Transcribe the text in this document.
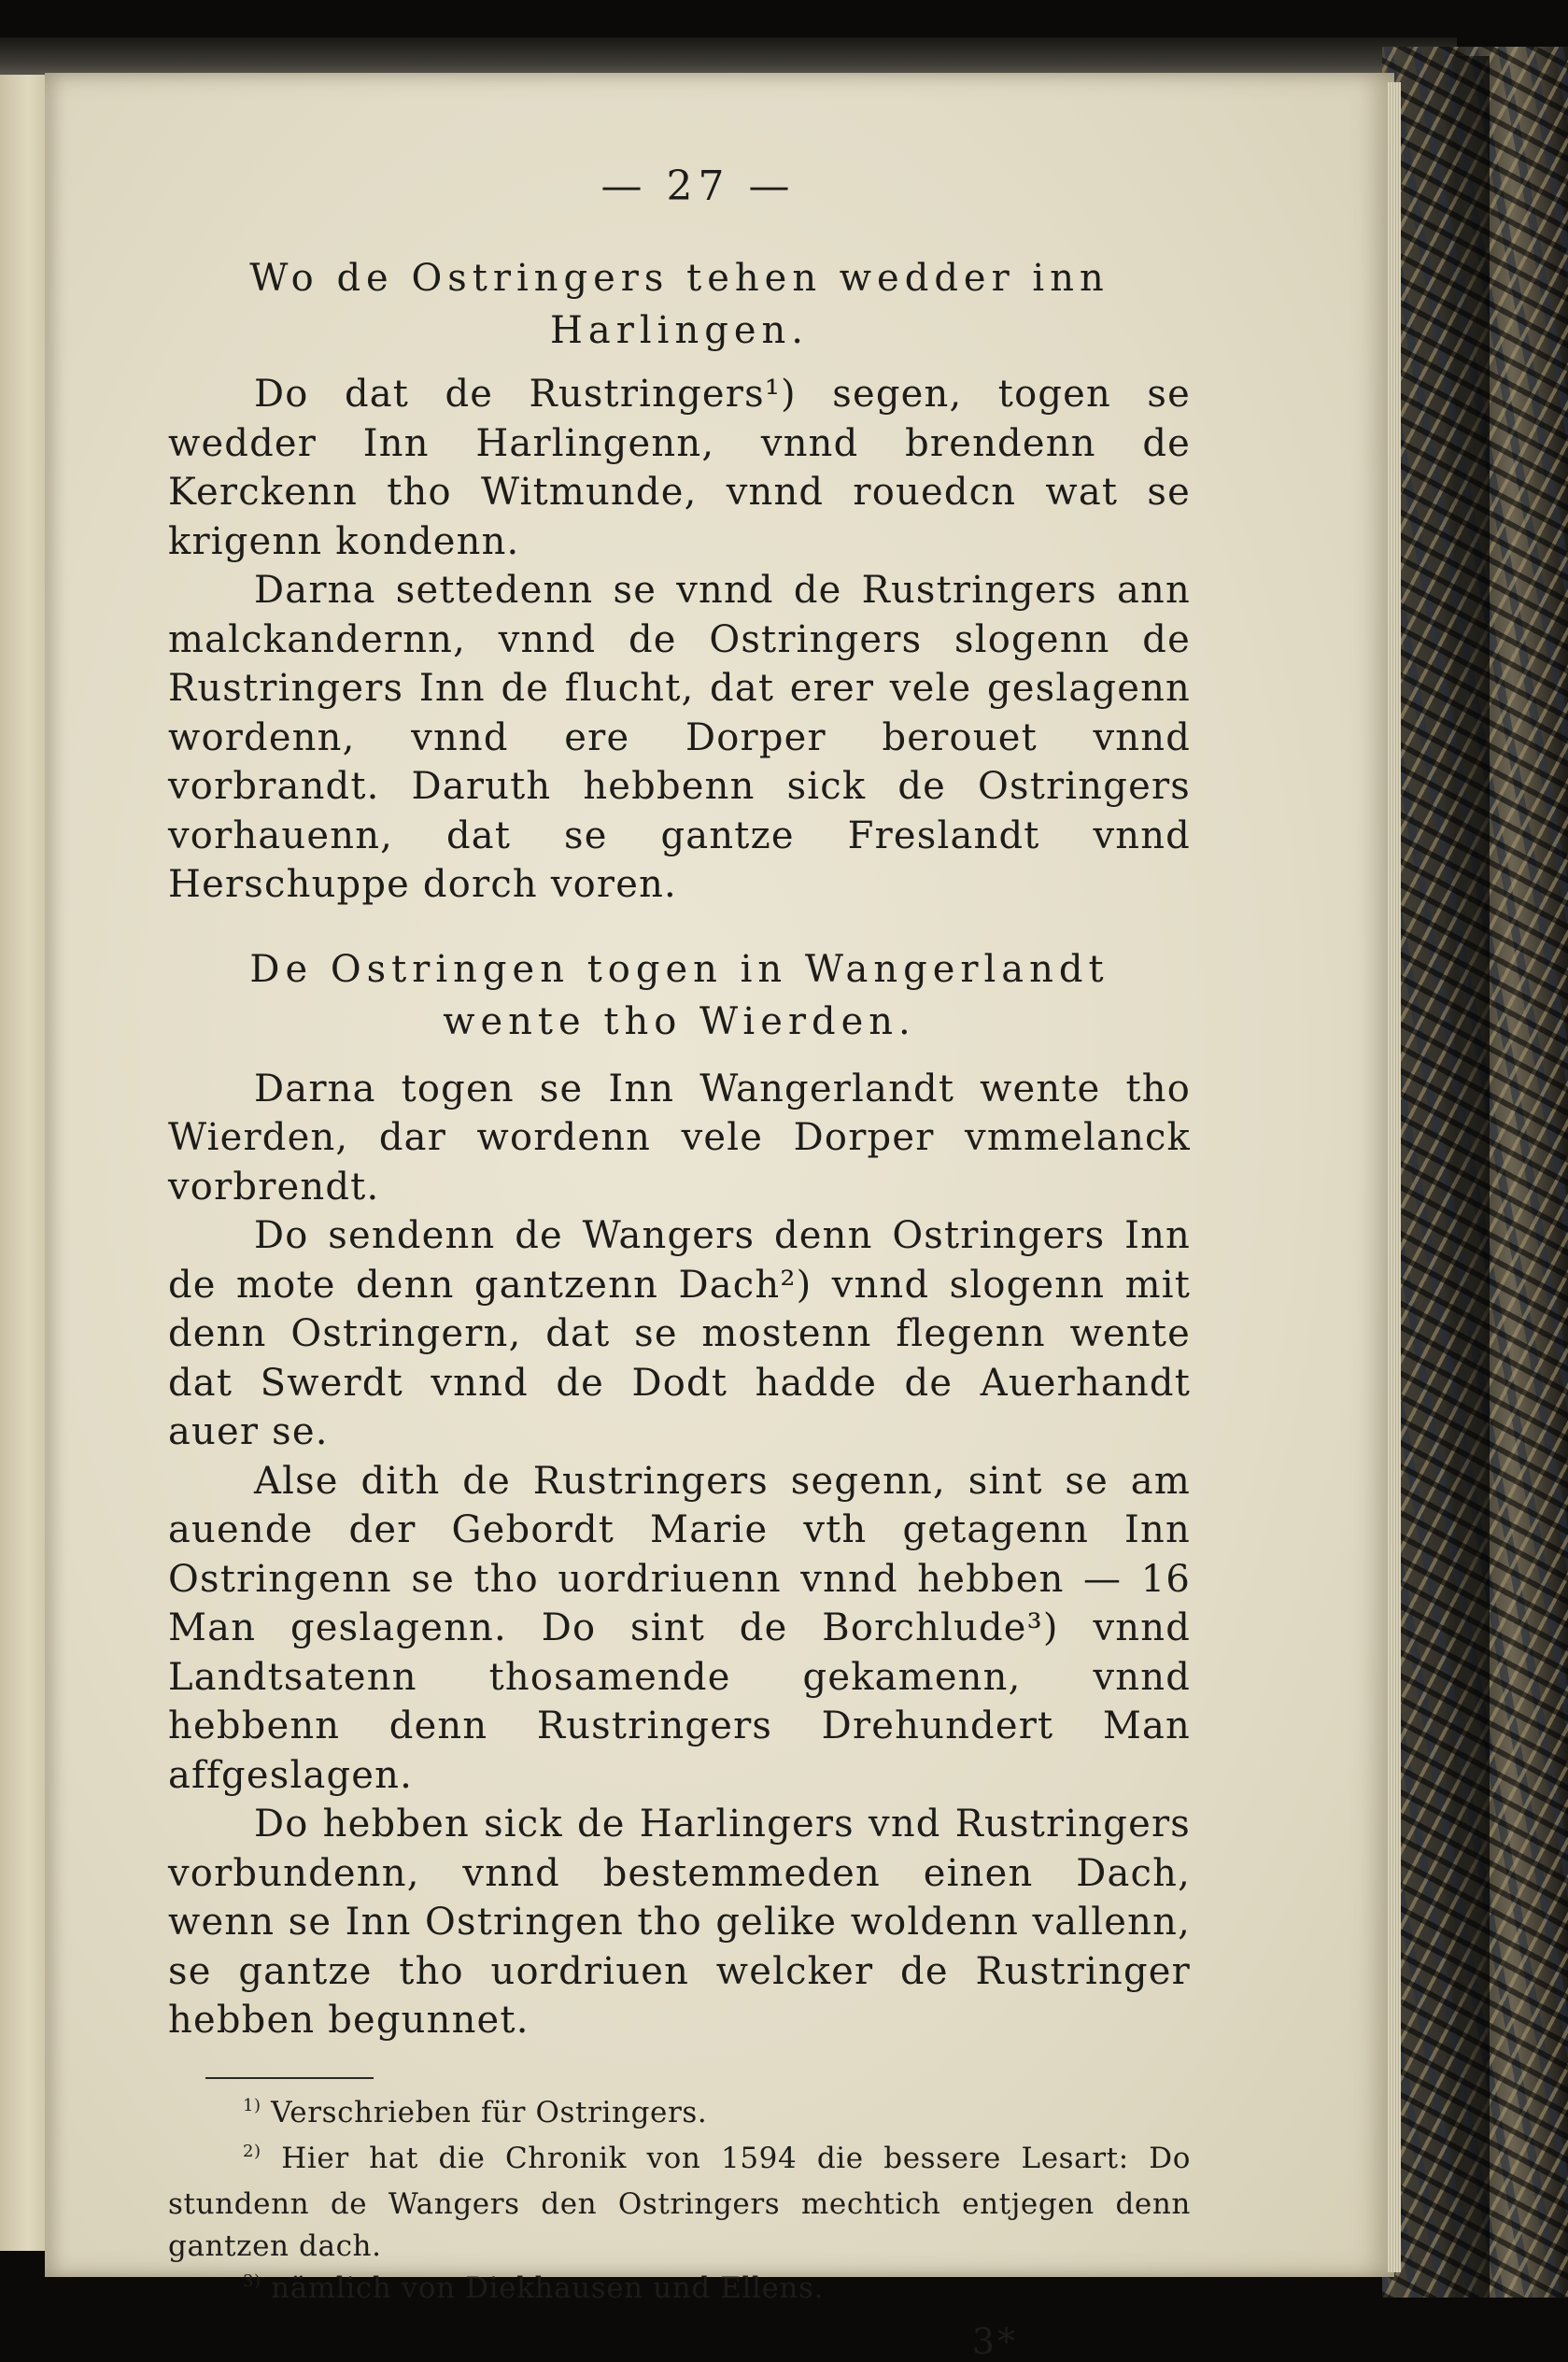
— 27 —
Wo de Ostringers tehen wedder inn Harlingen.

Do dat de Rustringers¹) segen, togen se wedder Inn Harlingenn, vnnd brendenn de Kerckenn tho Witmunde, vnnd rouedcn wat se krigenn kondenn.

Darna settedenn se vnnd de Rustringers ann malckandernn, vnnd de Ostringers slogenn de Rustringers Inn de flucht, dat erer vele geslagenn wordenn, vnnd ere Dorper berouet vnnd vorbrandt. Daruth hebbenn sick de Ostringers vorhauenn, dat se gantze Freslandt vnnd Herschuppe dorch voren.

De Ostringen togen in Wangerlandt wente tho Wierden.

Darna togen se Inn Wangerlandt wente tho Wierden, dar wordenn vele Dorper vmmelanck vorbrendt.

Do sendenn de Wangers denn Ostringers Inn de mote denn gantzenn Dach²) vnnd slogenn mit denn Ostringern, dat se mostenn flegenn wente dat Swerdt vnnd de Dodt hadde de Auerhandt auer se.

Alse dith de Rustringers segenn, sint se am auende der Gebordt Marie vth getagenn Inn Ostringenn se tho uordriuenn vnnd hebben — 16 Man geslagenn. Do sint de Borchlude³) vnnd Landtsatenn thosamende gekamenn, vnnd hebbenn denn Rustringers Drehundert Man affgeslagen.

Do hebben sick de Harlingers vnd Rustringers vorbundenn, vnnd bestemmeden einen Dach, wenn se Inn Ostringen tho gelike woldenn vallenn, se gantze tho uordriuen welcker de Rustringer hebben begunnet.

$^{1)}$ Verschrieben für Ostringers.

$^{2)}$ Hier hat die Chronik von 1594 die bessere Lesart: Do stundenn de Wangers den Ostringers mechtich entjegen denn gantzen dach.

$^{3)}$ nämlich von Diekhausen und Ellens.

3*
